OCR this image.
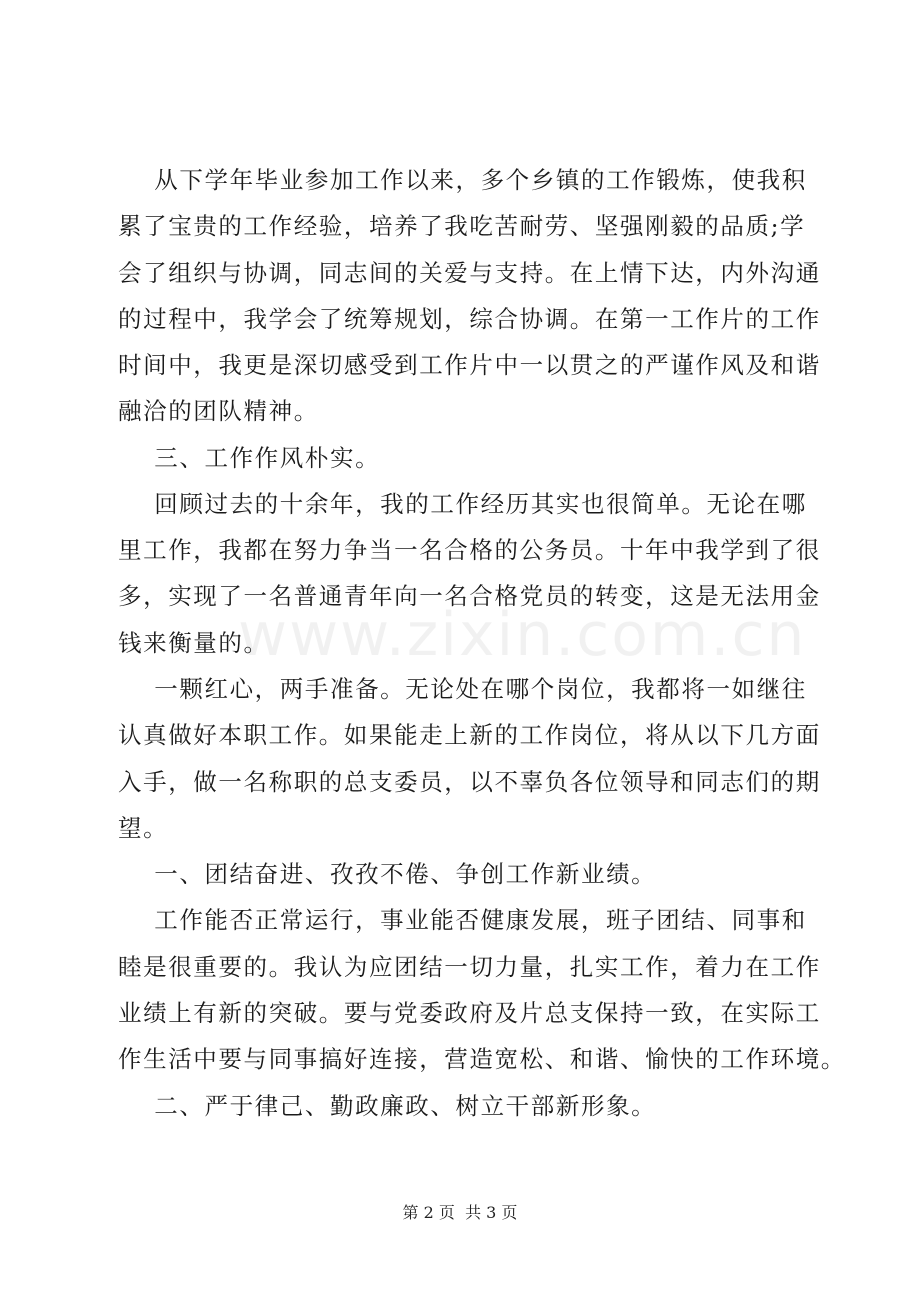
从下学年毕业参加工作以来，多个乡镇的工作锻炼，使我积
累了宝贵的工作经验，培养了我吃苦耐劳、坚强刚毅的品质;学
会了组织与协调，同志间的关爱与支持。在上情下达，内外沟通
的过程中，我学会了统筹规划，综合协调。在第一工作片的工作
时间中，我更是深切感受到工作片中一以贯之的严谨作风及和谐
融洽的团队精神。
三、工作作风朴实。
回顾过去的十余年，我的工作经历其实也很简单。无论在哪
里工作，我都在努力争当一名合格的公务员。十年中我学到了很
多，实现了一名普通青年向一名合格党员的转变，这是无法用金
钱来衡量的。
一颗红心，两手准备。无论处在哪个岗位，我都将一如继往
认真做好本职工作。如果能走上新的工作岗位，将从以下几方面
入手，做一名称职的总支委员，以不辜负各位领导和同志们的期
望。
一、团结奋进、孜孜不倦、争创工作新业绩。
工作能否正常运行，事业能否健康发展，班子团结、同事和
睦是很重要的。我认为应团结一切力量，扎实工作，着力在工作
业绩上有新的突破。要与党委政府及片总支保持一致，在实际工
作生活中要与同事搞好连接，营造宽松、和谐、愉快的工作环境。
二、严于律己、勤政廉政、树立干部新形象。
www.zixin.com.cn
第 2 页  共 3 页
